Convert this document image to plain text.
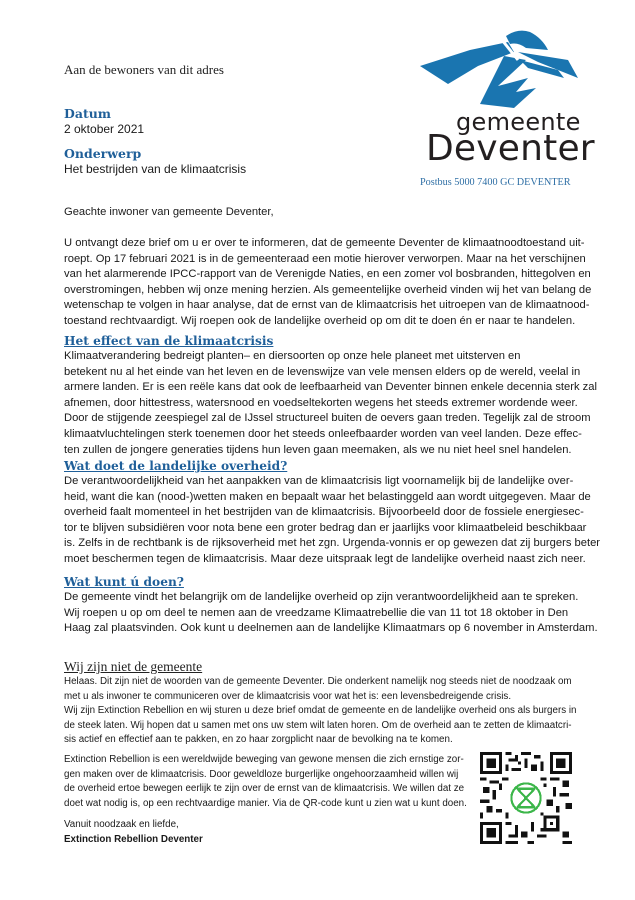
Aan de bewoners van dit adres
Datum
2 oktober 2021
Onderwerp
Het bestrijden van de klimaatcrisis
gemeente
Deventer
Postbus 5000 7400 GC DEVENTER
Geachte inwoner van gemeente Deventer,
U ontvangt deze brief om u er over te informeren, dat de gemeente Deventer de klimaatnoodtoestand uit-
roept. Op 17 februari 2021 is in de gemeenteraad een motie hierover verworpen. Maar na het verschijnen
van het alarmerende IPCC-rapport van de Verenigde Naties, en een zomer vol bosbranden, hittegolven en
overstromingen, hebben wij onze mening herzien. Als gemeentelijke overheid vinden wij het van belang de
wetenschap te volgen in haar analyse, dat de ernst van de klimaatcrisis het uitroepen van de klimaatnood-
toestand rechtvaardigt. Wij roepen ook de landelijke overheid op om dit te doen én er naar te handelen.
Het effect van de klimaatcrisis
Klimaatverandering bedreigt planten– en diersoorten op onze hele planeet met uitsterven en
betekent nu al het einde van het leven en de levenswijze van vele mensen elders op de wereld, veelal in
armere landen. Er is een reële kans dat ook de leefbaarheid van Deventer binnen enkele decennia sterk zal
afnemen, door hittestress, watersnood en voedseltekorten wegens het steeds extremer wordende weer.
Door de stijgende zeespiegel zal de IJssel structureel buiten de oevers gaan treden. Tegelijk zal de stroom
klimaatvluchtelingen sterk toenemen door het steeds onleefbaarder worden van veel landen. Deze effec-
ten zullen de jongere generaties tijdens hun leven gaan meemaken, als we nu niet heel snel handelen.
Wat doet de landelijke overheid?
De verantwoordelijkheid van het aanpakken van de klimaatcrisis ligt voornamelijk bij de landelijke over-
heid, want die kan (nood-)wetten maken en bepaalt waar het belastinggeld aan wordt uitgegeven. Maar de
overheid faalt momenteel in het bestrijden van de klimaatcrisis. Bijvoorbeeld door de fossiele energiesec-
tor te blijven subsidiëren voor nota bene een groter bedrag dan er jaarlijks voor klimaatbeleid beschikbaar
is. Zelfs in de rechtbank is de rijksoverheid met het zgn. Urgenda-vonnis er op gewezen dat zij burgers beter
moet beschermen tegen de klimaatcrisis. Maar deze uitspraak legt de landelijke overheid naast zich neer.
Wat kunt ú doen?
De gemeente vindt het belangrijk om de landelijke overheid op zijn verantwoordelijkheid aan te spreken.
Wij roepen u op om deel te nemen aan de vreedzame Klimaatrebellie die van 11 tot 18 oktober in Den
Haag zal plaatsvinden. Ook kunt u deelnemen aan de landelijke Klimaatmars op 6 november in Amsterdam.
Wij zijn niet de gemeente
Helaas. Dit zijn niet de woorden van de gemeente Deventer. Die onderkent namelijk nog steeds niet de noodzaak om
met u als inwoner te communiceren over de klimaatcrisis voor wat het is: een levensbedreigende crisis.
Wij zijn Extinction Rebellion en wij sturen u deze brief omdat de gemeente en de landelijke overheid ons als burgers in
de steek laten. Wij hopen dat u samen met ons uw stem wilt laten horen. Om de overheid aan te zetten de klimaatcri-
sis actief en effectief aan te pakken, en zo haar zorgplicht naar de bevolking na te komen.
Extinction Rebellion is een wereldwijde beweging van gewone mensen die zich ernstige zor-
gen maken over de klimaatcrisis. Door geweldloze burgerlijke ongehoorzaamheid willen wij
de overheid ertoe bewegen eerlijk te zijn over de ernst van de klimaatcrisis. We willen dat ze
doet wat nodig is, op een rechtvaardige manier. Via de QR-code kunt u zien wat u kunt doen.
Vanuit noodzaak en liefde,
Extinction Rebellion Deventer
